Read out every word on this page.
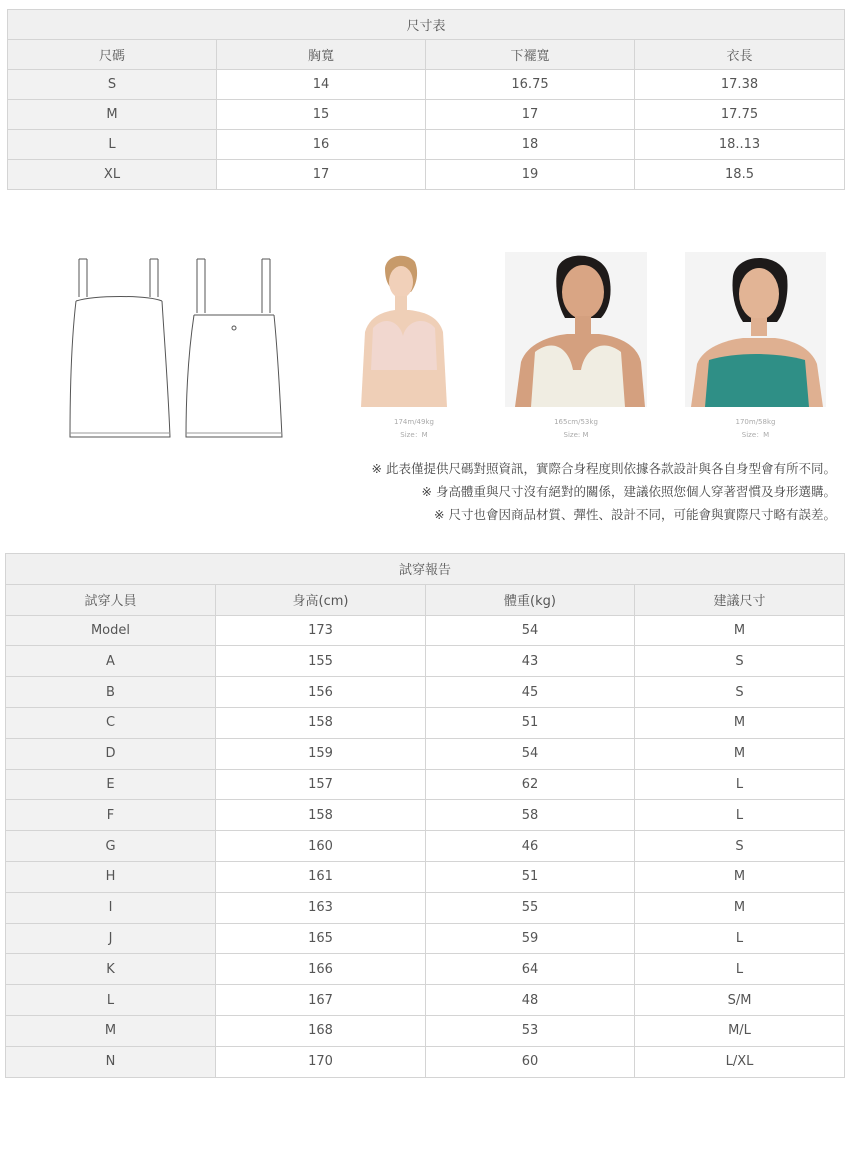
尺寸表			
尺碼	胸寬	下襬寬	衣長
S	14	16.75	17.38
M	15	17	17.75
L	16	18	18..13
XL	17	19	18.5
174m/49kg
Size：M
165cm/53kg
Size: M
170m/58kg
Size：M
※ 此表僅提供尺碼對照資訊，實際合身程度則依據各款設計與各自身型會有所不同。
※ 身高體重與尺寸沒有絕對的關係，建議依照您個人穿著習慣及身形選購。
※ 尺寸也會因商品材質、彈性、設計不同，可能會與實際尺寸略有誤差。
試穿報告			
試穿人員	身高(cm)	體重(kg)	建議尺寸
Model	173	54	M
A	155	43	S
B	156	45	S
C	158	51	M
D	159	54	M
E	157	62	L
F	158	58	L
G	160	46	S
H	161	51	M
I	163	55	M
J	165	59	L
K	166	64	L
L	167	48	S/M
M	168	53	M/L
N	170	60	L/XL
